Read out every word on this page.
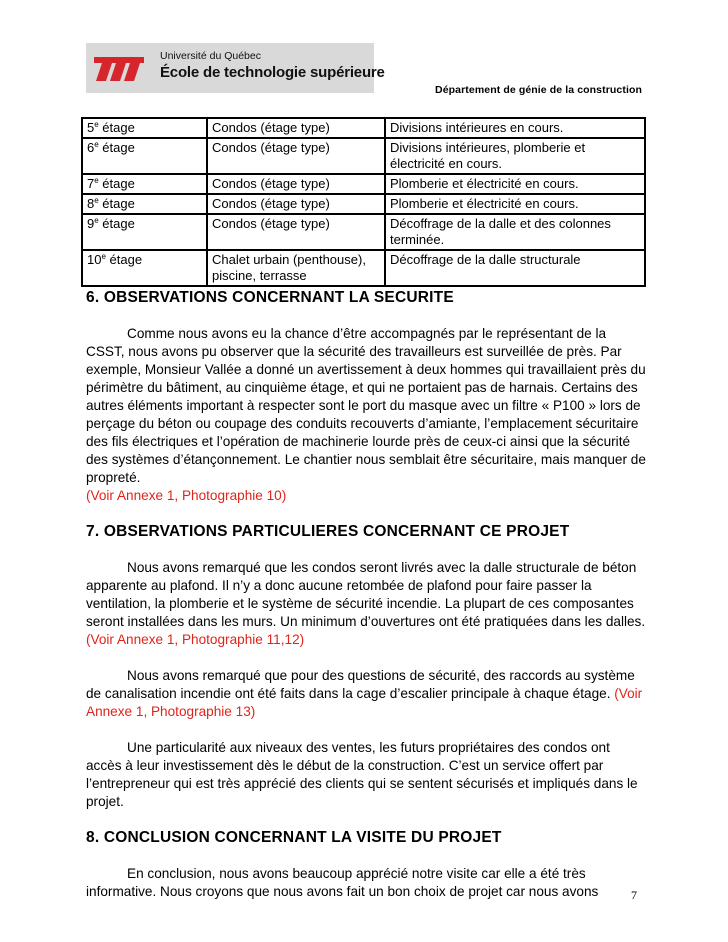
Université du Québec
École de technologie supérieure
Département de génie de la construction
5e étage	Condos (étage type)	Divisions intérieures en cours.
6e étage	Condos (étage type)	Divisions intérieures, plomberie et électricité en cours.
7e étage	Condos (étage type)	Plomberie et électricité en cours.
8e étage	Condos (étage type)	Plomberie et électricité en cours.
9e étage	Condos (étage type)	Décoffrage de la dalle et des colonnes terminée.
10e étage	Chalet urbain (penthouse), piscine, terrasse	Décoffrage de la dalle structurale
6. OBSERVATIONS CONCERNANT LA SECURITE

Comme nous avons eu la chance d’être accompagnés par le représentant de la CSST, nous avons pu observer que la sécurité des travailleurs est surveillée de près. Par exemple, Monsieur Vallée a donné un avertissement à deux hommes qui travaillaient près du périmètre du bâtiment, au cinquième étage, et qui ne portaient pas de harnais. Certains des autres éléments important à respecter sont le port du masque avec un filtre « P100 » lors de perçage du béton ou coupage des conduits recouverts d’amiante, l’emplacement sécuritaire des fils électriques et l’opération de machinerie lourde près de ceux-ci ainsi que la sécurité des systèmes d’étançonnement. Le chantier nous semblait être sécuritaire, mais manquer de propreté.
(Voir Annexe 1, Photographie 10)

7. OBSERVATIONS PARTICULIERES CONCERNANT CE PROJET

Nous avons remarqué que les condos seront livrés avec la dalle structurale de béton apparente au plafond. Il n’y a donc aucune retombée de plafond pour faire passer la ventilation, la plomberie et le système de sécurité incendie. La plupart de ces composantes seront installées dans les murs. Un minimum d’ouvertures ont été pratiquées dans les dalles. (Voir Annexe 1, Photographie 11,12)

Nous avons remarqué que pour des questions de sécurité, des raccords au système de canalisation incendie ont été faits dans la cage d’escalier principale à chaque étage. (Voir Annexe 1, Photographie 13)

Une particularité aux niveaux des ventes, les futurs propriétaires des condos ont accès à leur investissement dès le début de la construction. C’est un service offert par l’entrepreneur qui est très apprécié des clients qui se sentent sécurisés et impliqués dans le projet.

8. CONCLUSION CONCERNANT LA VISITE DU PROJET

En conclusion, nous avons beaucoup apprécié notre visite car elle a été très informative. Nous croyons que nous avons fait un bon choix de projet car nous avons	7
